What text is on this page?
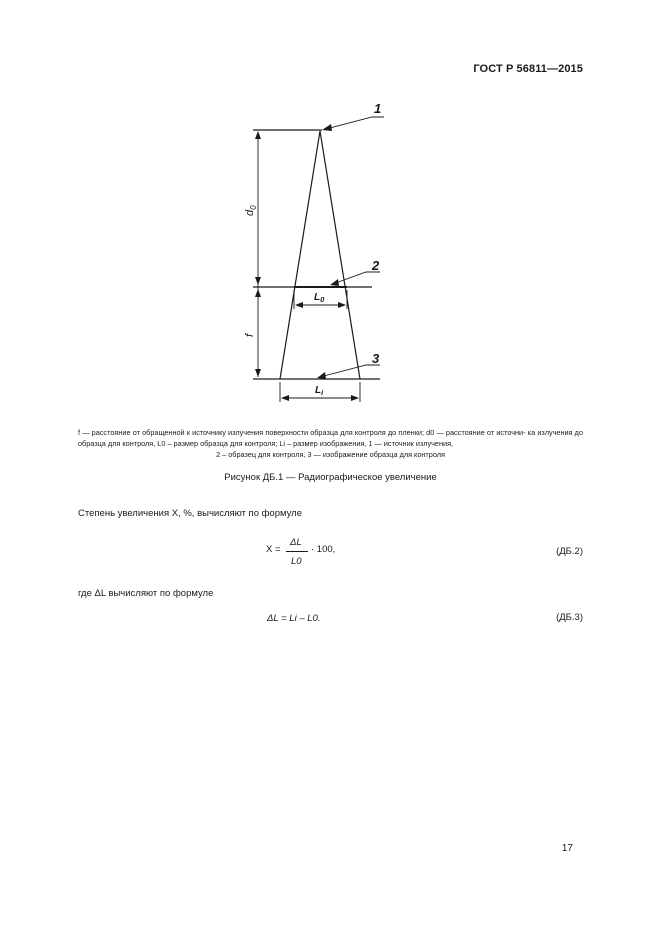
ГОСТ Р 56811—2015
1
2
3
$d_0$
f
$L_0$
$L_i$
f — расстояние от обращенной к источнику излучения поверхности образца для контроля до пленки; d0 — расстояние от источни- ка излучения до образца для контроля, L0 – размер образца для контроля; Li – размер изображения, 1 — источник излучения,
2 – образец для контроля, 3 — изображение образца для контроля
Рисунок ДБ.1 — Радиографическое увеличение
Степень увеличения X, %, вычисляют по формуле
X =
ΔL
L0
· 100,	(ДБ.2)
где ΔL вычисляют по формуле
ΔL = Li – L0.	(ДБ.3)
17
